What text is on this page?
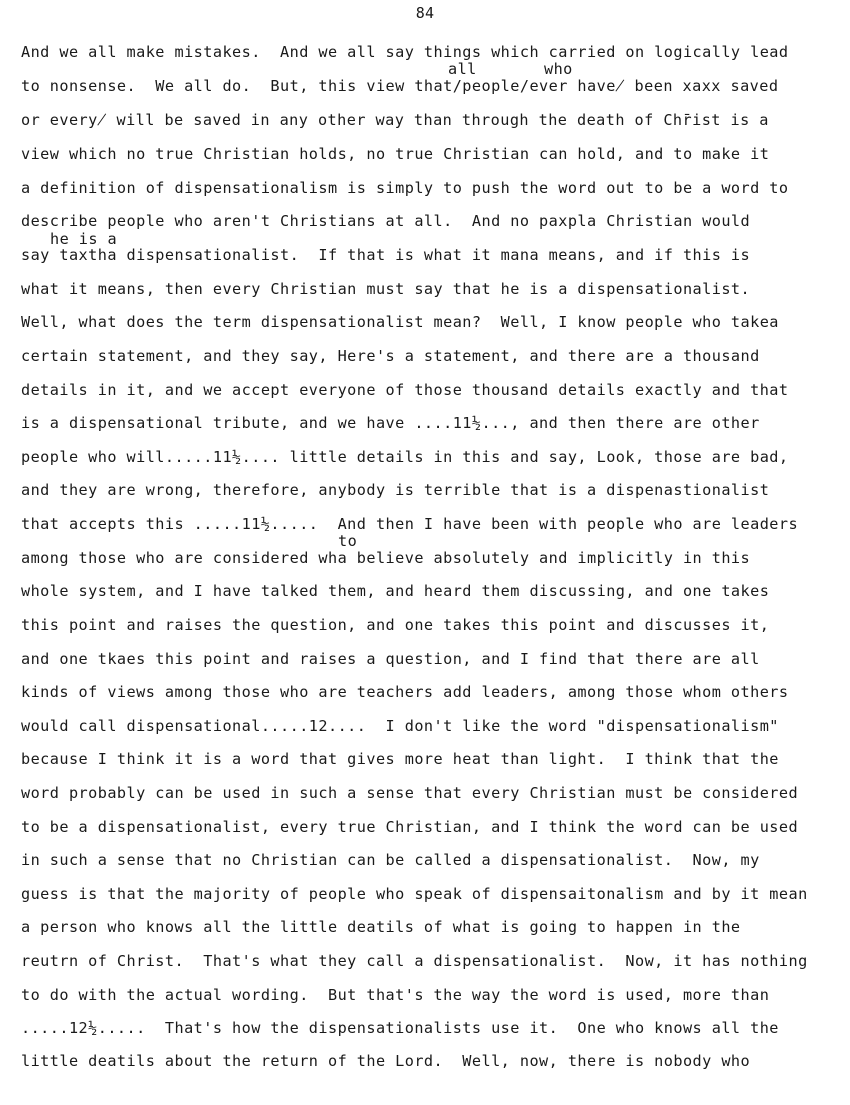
84
all	who
he is a
to
And we all make mistakes.  And we all say things which carried on logically lead
to nonsense.  We all do.  But, this view that/people/ever have̸ been xaxx saved
or every̸ will be saved in any other way than through the death of Chr̄ist is a
view which no true Christian holds, no true Christian can hold, and to make it
a definition of dispensationalism is simply to push the word out to be a word to
describe people who aren't Christians at all.  And no paxpla Christian would
say taxtha dispensationalist.  If that is what it mana means, and if this is
what it means, then every Christian must say that he is a dispensationalist.
Well, what does the term dispensationalist mean?  Well, I know people who takea
certain statement, and they say, Here's a statement, and there are a thousand
details in it, and we accept everyone of those thousand details exactly and that
is a dispensational tribute, and we have ....11½..., and then there are other
people who will.....11½.... little details in this and say, Look, those are bad,
and they are wrong, therefore, anybody is terrible that is a dispenastionalist
that accepts this .....11½.....  And then I have been with people who are leaders
among those who are considered wha believe absolutely and implicitly in this
whole system, and I have talked them, and heard them discussing, and one takes
this point and raises the question, and one takes this point and discusses it,
and one tkaes this point and raises a question, and I find that there are all
kinds of views among those who are teachers add leaders, among those whom others
would call dispensational.....12....  I don't like the word "dispensationalism"
because I think it is a word that gives more heat than light.  I think that the
word probably can be used in such a sense that every Christian must be considered
to be a dispensationalist, every true Christian, and I think the word can be used
in such a sense that no Christian can be called a dispensationalist.  Now, my
guess is that the majority of people who speak of dispensaitonalism and by it mean
a person who knows all the little deatils of what is going to happen in the
reutrn of Christ.  That's what they call a dispensationalist.  Now, it has nothing
to do with the actual wording.  But that's the way the word is used, more than
.....12½.....  That's how the dispensationalists use it.  One who knows all the
little deatils about the return of the Lord.  Well, now, there is nobody who
